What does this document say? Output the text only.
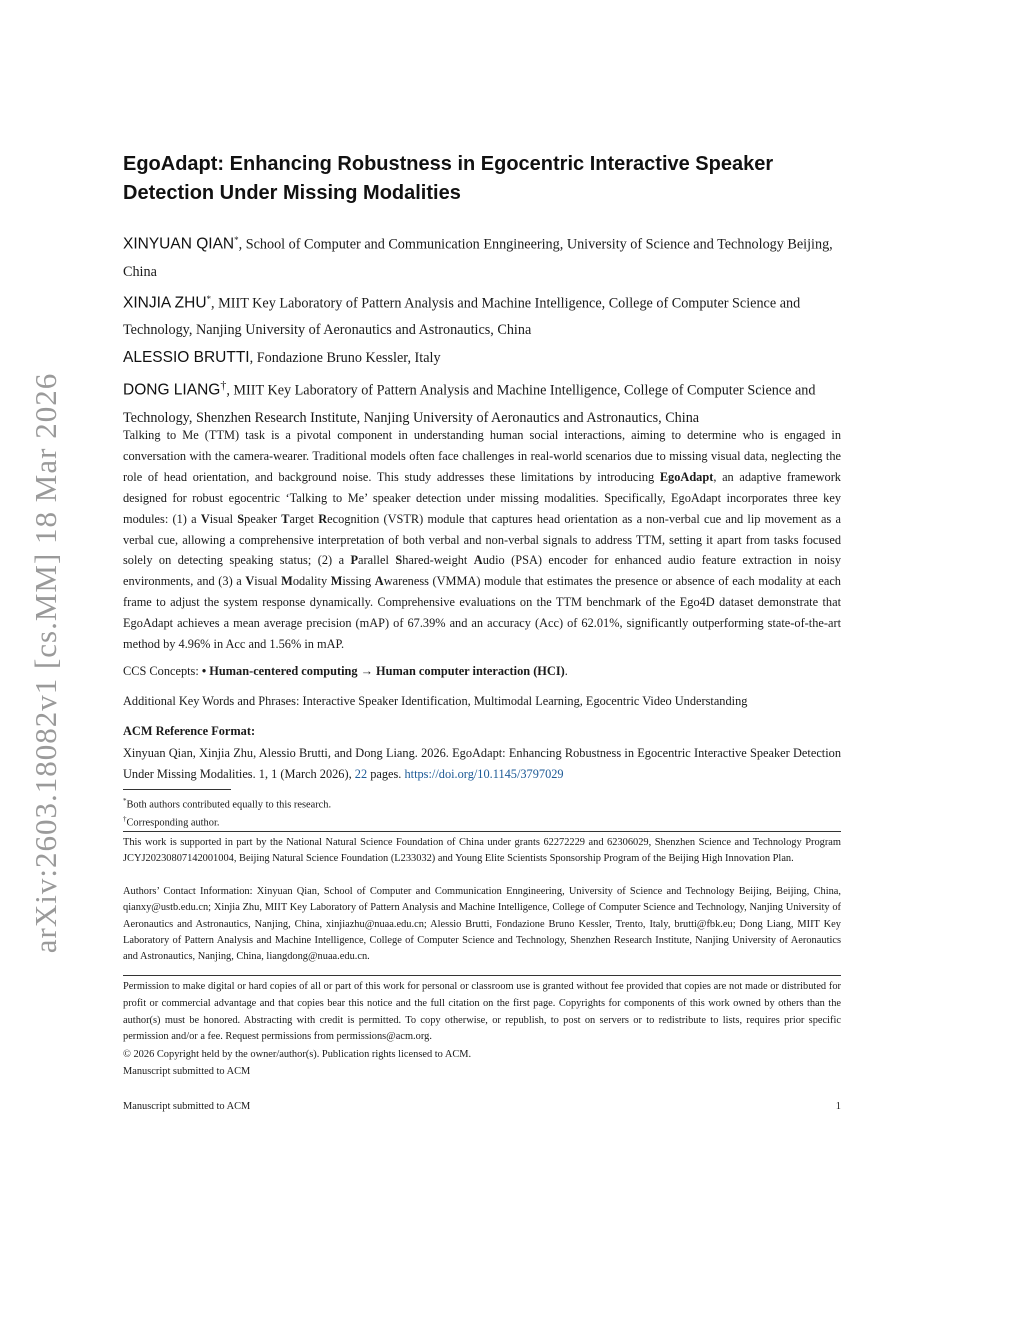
arXiv:2603.18082v1 [cs.MM] 18 Mar 2026
EgoAdapt: Enhancing Robustness in Egocentric Interactive Speaker Detection Under Missing Modalities

XINYUAN QIAN*, School of Computer and Communication Enngineering, University of Science and Technology Beijing, China

XINJIA ZHU*, MIIT Key Laboratory of Pattern Analysis and Machine Intelligence, College of Computer Science and Technology, Nanjing University of Aeronautics and Astronautics, China

ALESSIO BRUTTI, Fondazione Bruno Kessler, Italy

DONG LIANG†, MIIT Key Laboratory of Pattern Analysis and Machine Intelligence, College of Computer Science and Technology, Shenzhen Research Institute, Nanjing University of Aeronautics and Astronautics, China

Talking to Me (TTM) task is a pivotal component in understanding human social interactions, aiming to determine who is engaged in conversation with the camera-wearer. Traditional models often face challenges in real-world scenarios due to missing visual data, neglecting the role of head orientation, and background noise. This study addresses these limitations by introducing EgoAdapt, an adaptive framework designed for robust egocentric ‘Talking to Me’ speaker detection under missing modalities. Specifically, EgoAdapt incorporates three key modules: (1) a Visual Speaker Target Recognition (VSTR) module that captures head orientation as a non-verbal cue and lip movement as a verbal cue, allowing a comprehensive interpretation of both verbal and non-verbal signals to address TTM, setting it apart from tasks focused solely on detecting speaking status; (2) a Parallel Shared-weight Audio (PSA) encoder for enhanced audio feature extraction in noisy environments, and (3) a Visual Modality Missing Awareness (VMMA) module that estimates the presence or absence of each modality at each frame to adjust the system response dynamically. Comprehensive evaluations on the TTM benchmark of the Ego4D dataset demonstrate that EgoAdapt achieves a mean average precision (mAP) of 67.39% and an accuracy (Acc) of 62.01%, significantly outperforming state-of-the-art method by 4.96% in Acc and 1.56% in mAP.

CCS Concepts: • Human-centered computing → Human computer interaction (HCI).

Additional Key Words and Phrases: Interactive Speaker Identification, Multimodal Learning, Egocentric Video Understanding

ACM Reference Format:

Xinyuan Qian, Xinjia Zhu, Alessio Brutti, and Dong Liang. 2026. EgoAdapt: Enhancing Robustness in Egocentric Interactive Speaker Detection Under Missing Modalities. 1, 1 (March 2026), 22 pages. https://doi.org/10.1145/3797029

*Both authors contributed equally to this research.

†Corresponding author.

This work is supported in part by the National Natural Science Foundation of China under grants 62272229 and 62306029, Shenzhen Science and Technology Program JCYJ20230807142001004, Beijing Natural Science Foundation (L233032) and Young Elite Scientists Sponsorship Program of the Beijing High Innovation Plan.

Authors’ Contact Information: Xinyuan Qian, School of Computer and Communication Enngineering, University of Science and Technology Beijing, Beijing, China, qianxy@ustb.edu.cn; Xinjia Zhu, MIIT Key Laboratory of Pattern Analysis and Machine Intelligence, College of Computer Science and Technology, Nanjing University of Aeronautics and Astronautics, Nanjing, China, xinjiazhu@nuaa.edu.cn; Alessio Brutti, Fondazione Bruno Kessler, Trento, Italy, brutti@fbk.eu; Dong Liang, MIIT Key Laboratory of Pattern Analysis and Machine Intelligence, College of Computer Science and Technology, Shenzhen Research Institute, Nanjing University of Aeronautics and Astronautics, Nanjing, China, liangdong@nuaa.edu.cn.

Permission to make digital or hard copies of all or part of this work for personal or classroom use is granted without fee provided that copies are not made or distributed for profit or commercial advantage and that copies bear this notice and the full citation on the first page. Copyrights for components of this work owned by others than the author(s) must be honored. Abstracting with credit is permitted. To copy otherwise, or republish, to post on servers or to redistribute to lists, requires prior specific permission and/or a fee. Request permissions from permissions@acm.org.

© 2026 Copyright held by the owner/author(s). Publication rights licensed to ACM.

Manuscript submitted to ACM

Manuscript submitted to ACM	1
